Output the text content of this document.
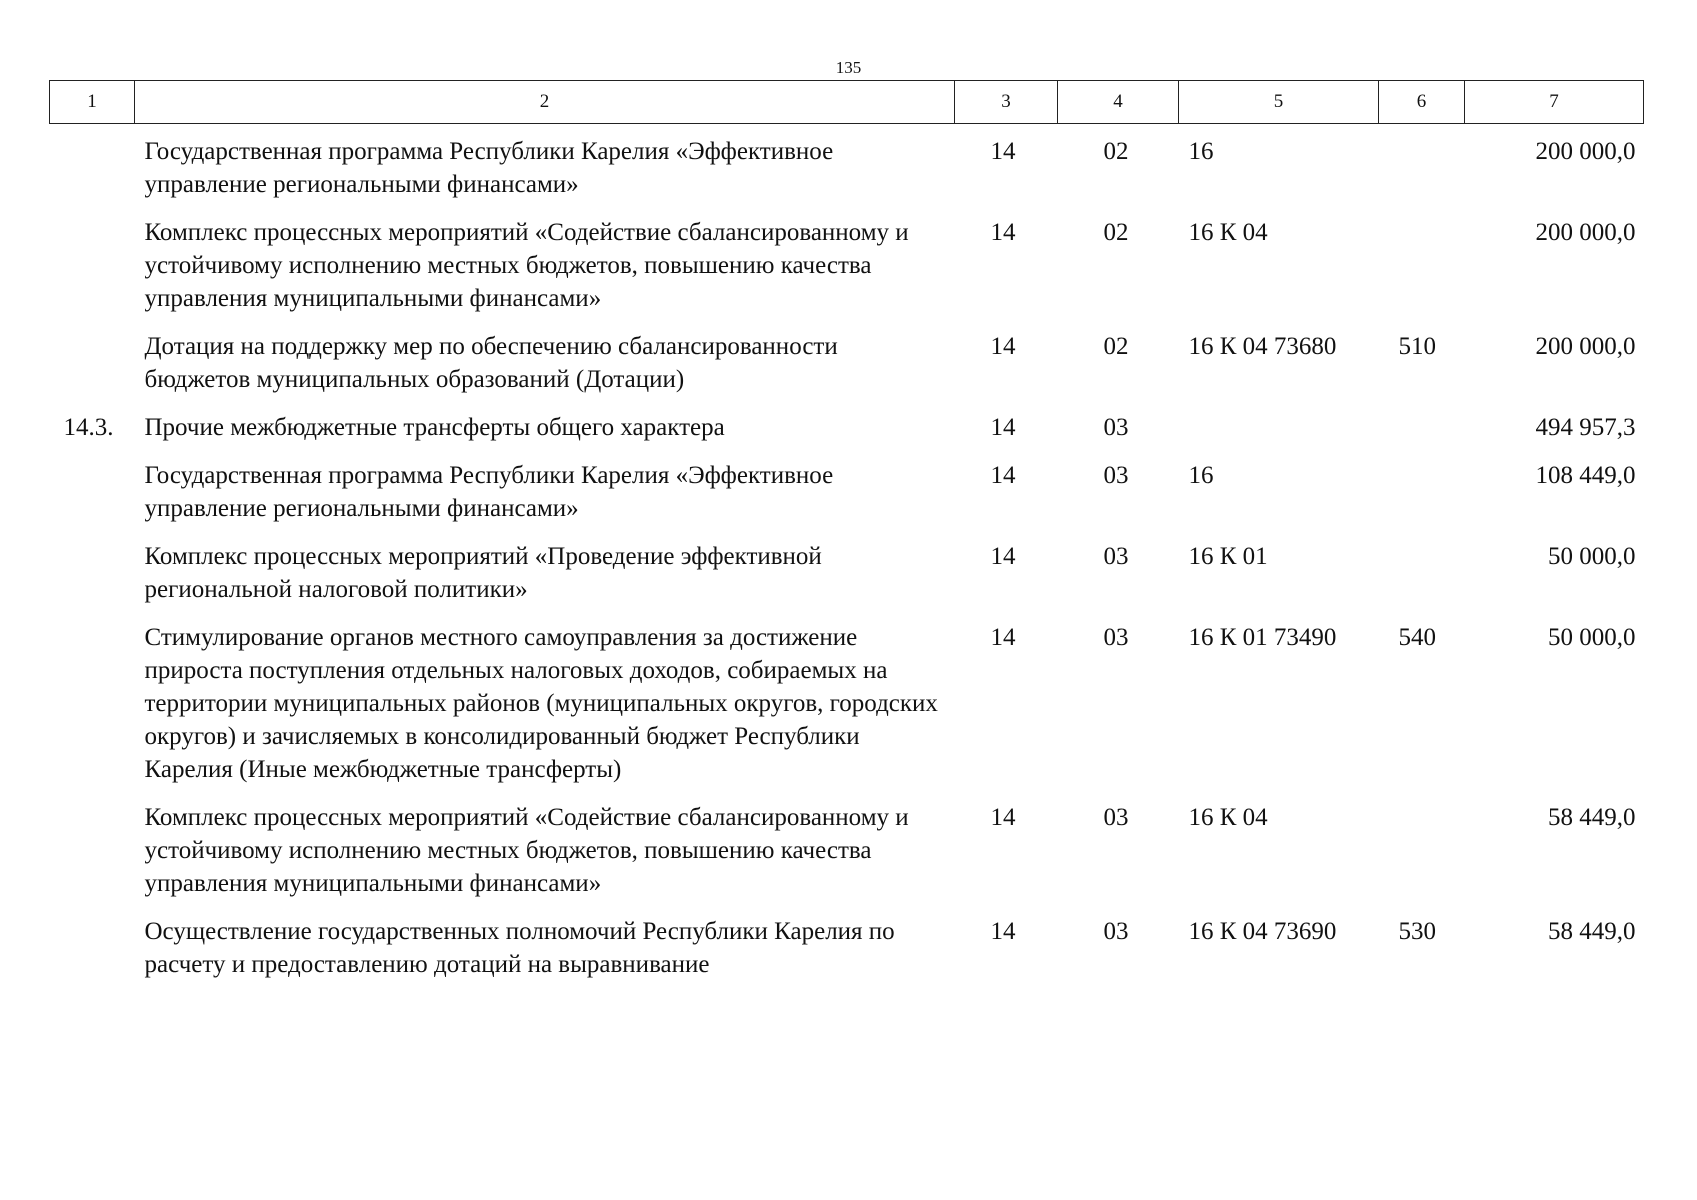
135
1	2	3	4	5	6	7
	Государственная программа Республики Карелия «Эффективное управление региональными финансами»	14	02	16		200 000,0
	Комплекс процессных мероприятий «Содействие сбалансированному и устойчивому исполнению местных бюджетов, повышению качества управления муниципальными финансами»	14	02	16 К 04		200 000,0
	Дотация на поддержку мер по обеспечению сбалансированности бюджетов муниципальных образований (Дотации)	14	02	16 К 04 73680	510	200 000,0
14.3.	Прочие межбюджетные трансферты общего характера	14	03			494 957,3
	Государственная программа Республики Карелия «Эффективное управление региональными финансами»	14	03	16		108 449,0
	Комплекс процессных мероприятий «Проведение эффективной региональной налоговой политики»	14	03	16 К 01		50 000,0
	Стимулирование органов местного самоуправления за достижение прироста поступления отдельных налоговых доходов, собираемых на территории муниципальных районов (муниципальных округов, городских округов) и зачисляемых в консолидированный бюджет Республики Карелия (Иные межбюджетные трансферты)	14	03	16 К 01 73490	540	50 000,0
	Комплекс процессных мероприятий «Содействие сбалансированному и устойчивому исполнению местных бюджетов, повышению качества управления муниципальными финансами»	14	03	16 К 04		58 449,0
	Осуществление государственных полномочий Республики Карелия по расчету и предоставлению дотаций на выравнивание	14	03	16 К 04 73690	530	58 449,0
